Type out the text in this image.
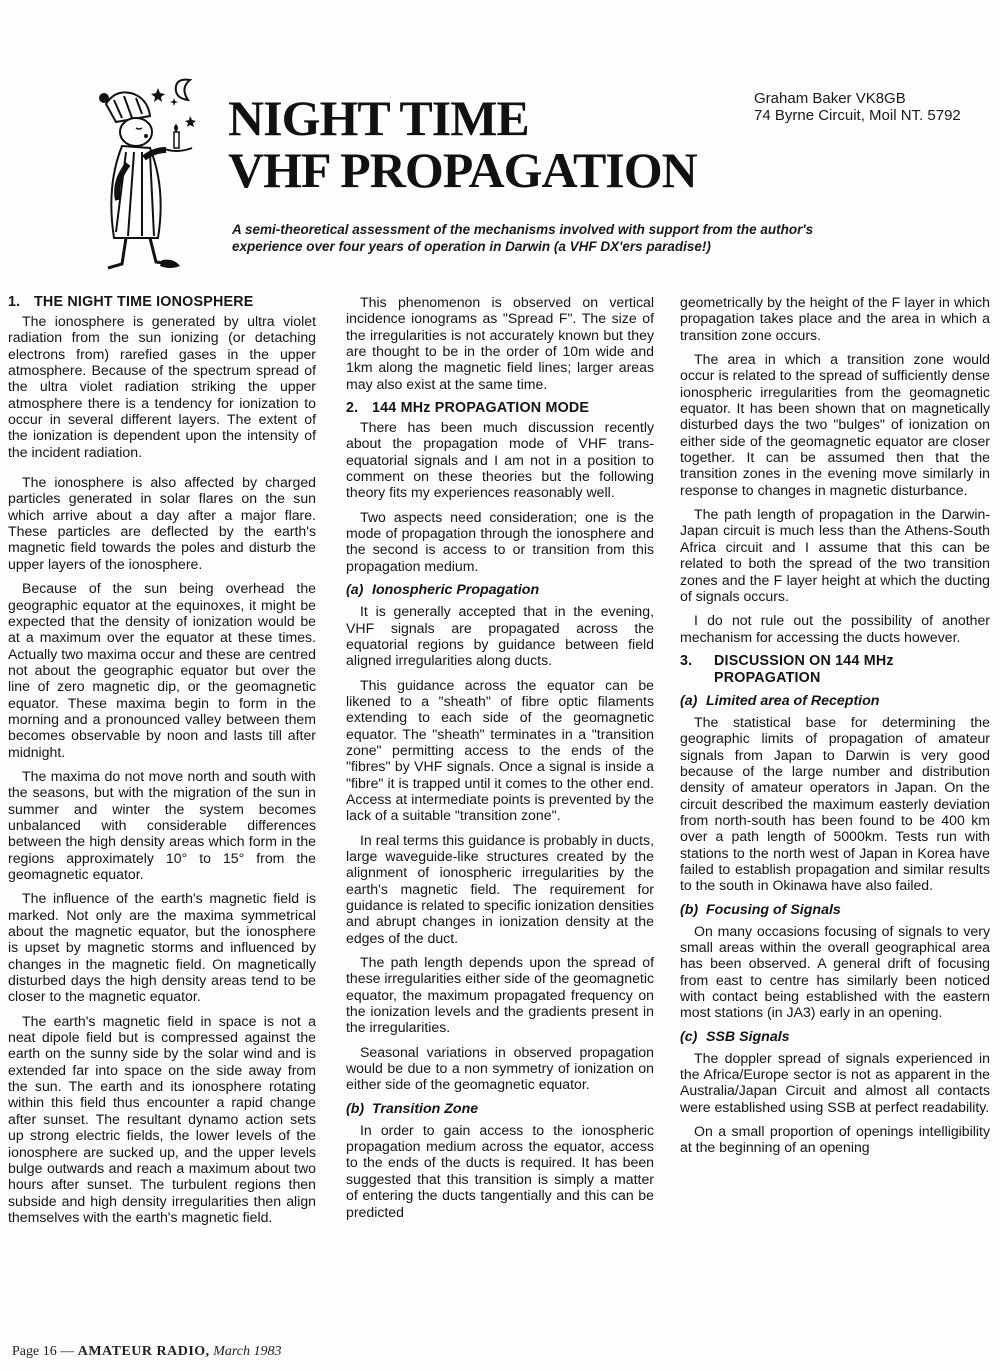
Graham Baker VK8GB
74 Byrne Circuit, Moil NT. 5792
NIGHT TIME
VHF PROPAGATION
A semi-theoretical assessment of the mechanisms involved with support from the author's experience over four years of operation in Darwin (a VHF DX'ers paradise!)
1. THE NIGHT TIME IONOSPHERE

The ionosphere is generated by ultra violet radiation from the sun ionizing (or detaching electrons from) rarefied gases in the upper atmosphere. Because of the spectrum spread of the ultra violet radiation striking the upper atmosphere there is a tendency for ionization to occur in several different layers. The extent of the ionization is dependent upon the intensity of the incident radiation.

The ionosphere is also affected by charged particles generated in solar flares on the sun which arrive about a day after a major flare. These particles are deflected by the earth's magnetic field towards the poles and disturb the upper layers of the ionosphere.

Because of the sun being overhead the geographic equator at the equinoxes, it might be expected that the density of ionization would be at a maximum over the equator at these times. Actually two maxima occur and these are centred not about the geographic equator but over the line of zero magnetic dip, or the geomagnetic equator. These maxima begin to form in the morning and a pronounced valley between them becomes observable by noon and lasts till after midnight.

The maxima do not move north and south with the seasons, but with the migration of the sun in summer and winter the system becomes unbalanced with considerable differences between the high density areas which form in the regions approximately 10° to 15° from the geomagnetic equator.

The influence of the earth's magnetic field is marked. Not only are the maxima symmetrical about the magnetic equator, but the ionosphere is upset by magnetic storms and influenced by changes in the magnetic field. On magnetically disturbed days the high density areas tend to be closer to the magnetic equator.

The earth's magnetic field in space is not a neat dipole field but is compressed against the earth on the sunny side by the solar wind and is extended far into space on the side away from the sun. The earth and its ionosphere rotating within this field thus encounter a rapid change after sunset. The resultant dynamo action sets up strong electric fields, the lower levels of the ionosphere are sucked up, and the upper levels bulge outwards and reach a maximum about two hours after sunset. The turbulent regions then subside and high density irregularities then align themselves with the earth's magnetic field.

This phenomenon is observed on vertical incidence ionograms as "Spread F". The size of the irregularities is not accurately known but they are thought to be in the order of 10m wide and 1km along the magnetic field lines; larger areas may also exist at the same time.

2. 144 MHz PROPAGATION MODE

There has been much discussion recently about the propagation mode of VHF trans-equatorial signals and I am not in a position to comment on these theories but the following theory fits my experiences reasonably well.

Two aspects need consideration; one is the mode of propagation through the ionosphere and the second is access to or transition from this propagation medium.

(a) Ionospheric Propagation

It is generally accepted that in the evening, VHF signals are propagated across the equatorial regions by guidance between field aligned irregularities along ducts.

This guidance across the equator can be likened to a "sheath" of fibre optic filaments extending to each side of the geomagnetic equator. The "sheath" terminates in a "transition zone" permitting access to the ends of the "fibres" by VHF signals. Once a signal is inside a "fibre" it is trapped until it comes to the other end. Access at intermediate points is prevented by the lack of a suitable "transition zone".

In real terms this guidance is probably in ducts, large waveguide-like structures created by the alignment of ionospheric irregularities by the earth's magnetic field. The requirement for guidance is related to specific ionization densities and abrupt changes in ionization density at the edges of the duct.

The path length depends upon the spread of these irregularities either side of the geomagnetic equator, the maximum propagated frequency on the ionization levels and the gradients present in the irregularities.

Seasonal variations in observed propagation would be due to a non symmetry of ionization on either side of the geomagnetic equator.

(b) Transition Zone

In order to gain access to the ionospheric propagation medium across the equator, access to the ends of the ducts is required. It has been suggested that this transition is simply a matter of entering the ducts tangentially and this can be predicted

geometrically by the height of the F layer in which propagation takes place and the area in which a transition zone occurs.

The area in which a transition zone would occur is related to the spread of sufficiently dense ionospheric irregularities from the geomagnetic equator. It has been shown that on magnetically disturbed days the two "bulges" of ionization on either side of the geomagnetic equator are closer together. It can be assumed then that the transition zones in the evening move similarly in response to changes in magnetic disturbance.

The path length of propagation in the Darwin-Japan circuit is much less than the Athens-South Africa circuit and I assume that this can be related to both the spread of the two transition zones and the F layer height at which the ducting of signals occurs.

I do not rule out the possibility of another mechanism for accessing the ducts however.

3.	DISCUSSION ON 144 MHz PROPAGATION
(a) Limited area of Reception

The statistical base for determining the geographic limits of propagation of amateur signals from Japan to Darwin is very good because of the large number and distribution density of amateur operators in Japan. On the circuit described the maximum easterly deviation from north-south has been found to be 400 km over a path length of 5000km. Tests run with stations to the north west of Japan in Korea have failed to establish propagation and similar results to the south in Okinawa have also failed.

(b) Focusing of Signals

On many occasions focusing of signals to very small areas within the overall geographical area has been observed. A general drift of focusing from east to centre has similarly been noticed with contact being established with the eastern most stations (in JA3) early in an opening.

(c) SSB Signals

The doppler spread of signals experienced in the Africa/Europe sector is not as apparent in the Australia/Japan Circuit and almost all contacts were established using SSB at perfect readability.

On a small proportion of openings intelligibility at the beginning of an opening

Page 16 — AMATEUR RADIO, March 1983
